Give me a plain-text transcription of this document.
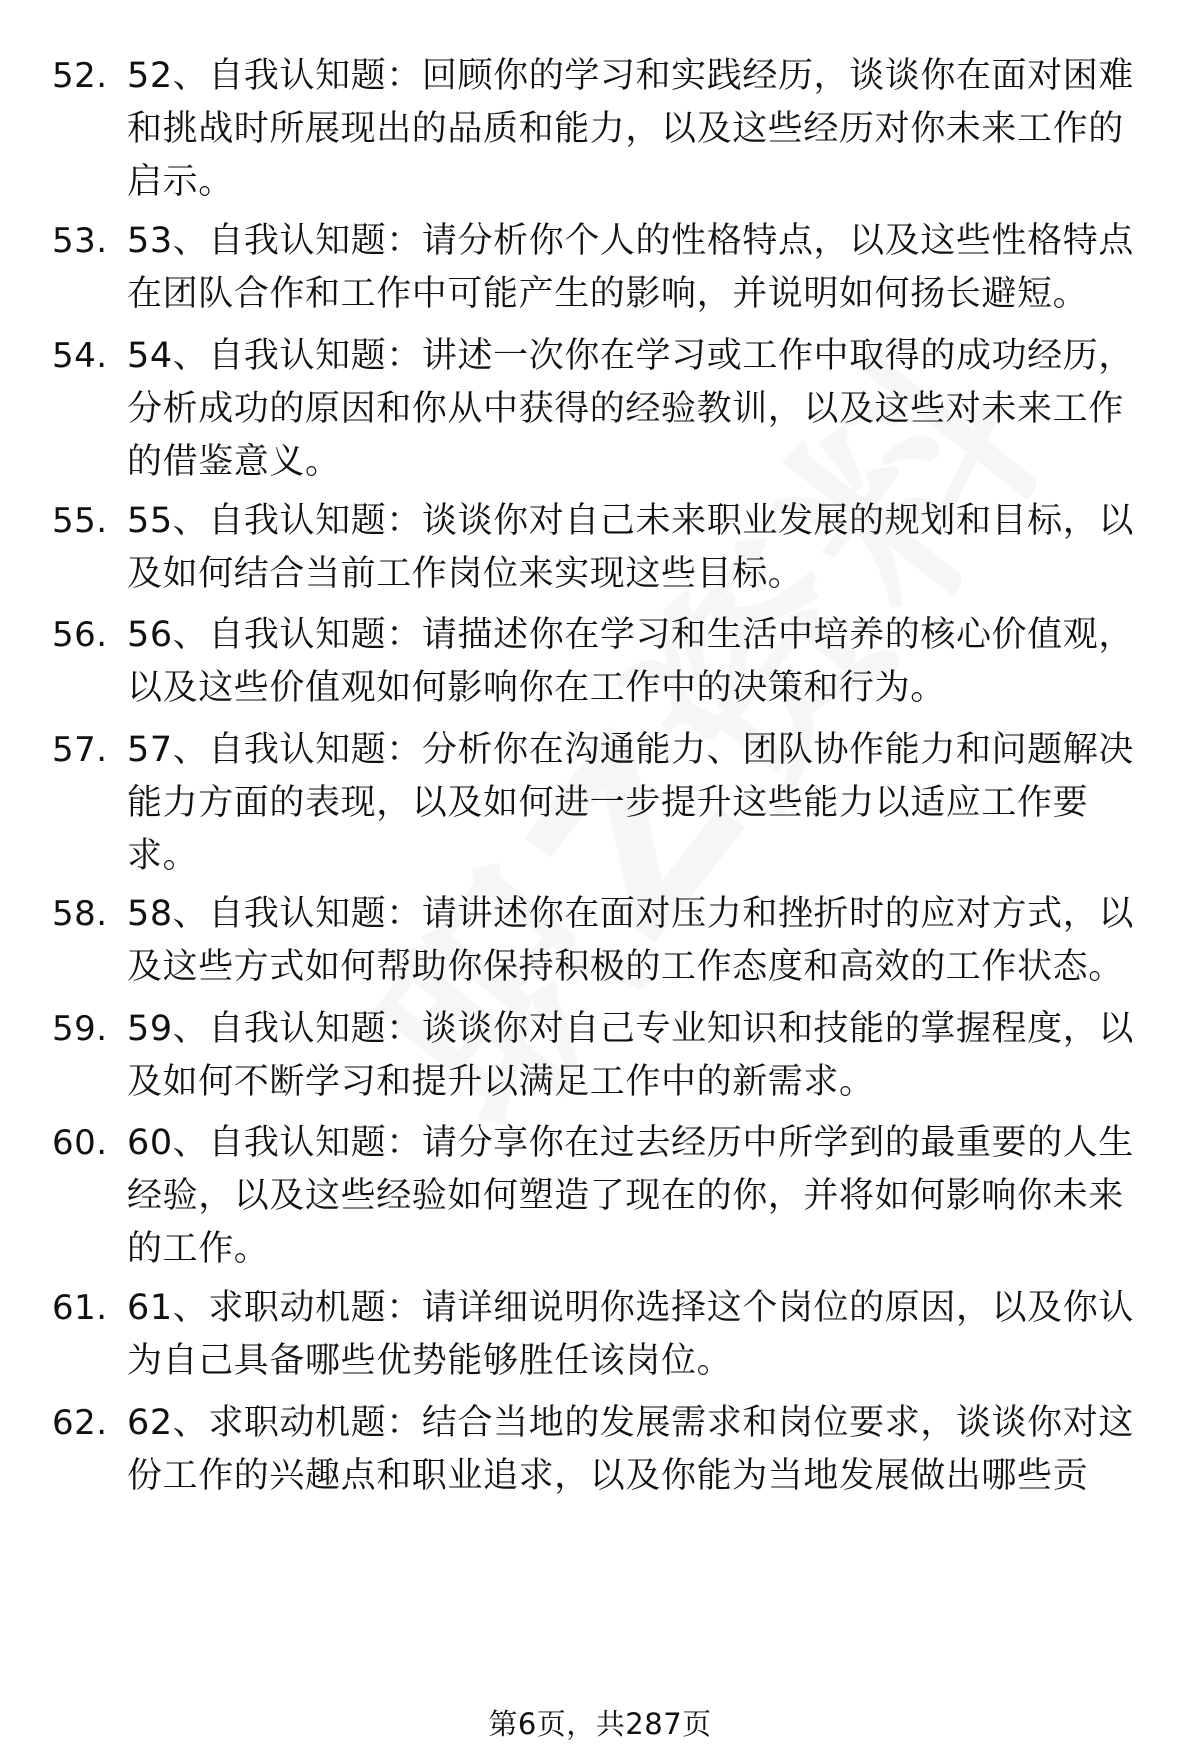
52. 52、自我认知题：回顾你的学习和实践经历，谈谈你在面对困难和挑战时所展现出的品质和能力，以及这些经历对你未来工作的启示。
53. 53、自我认知题：请分析你个人的性格特点，以及这些性格特点在团队合作和工作中可能产生的影响，并说明如何扬长避短。
54. 54、自我认知题：讲述一次你在学习或工作中取得的成功经历，分析成功的原因和你从中获得的经验教训，以及这些对未来工作的借鉴意义。
55. 55、自我认知题：谈谈你对自己未来职业发展的规划和目标，以及如何结合当前工作岗位来实现这些目标。
56. 56、自我认知题：请描述你在学习和生活中培养的核心价值观，以及这些价值观如何影响你在工作中的决策和行为。
57. 57、自我认知题：分析你在沟通能力、团队协作能力和问题解决能力方面的表现，以及如何进一步提升这些能力以适应工作要求。
58. 58、自我认知题：请讲述你在面对压力和挫折时的应对方式，以及这些方式如何帮助你保持积极的工作态度和高效的工作状态。
59. 59、自我认知题：谈谈你对自己专业知识和技能的掌握程度，以及如何不断学习和提升以满足工作中的新需求。
60. 60、自我认知题：请分享你在过去经历中所学到的最重要的人生经验，以及这些经验如何塑造了现在的你，并将如何影响你未来的工作。
61. 61、求职动机题：请详细说明你选择这个岗位的原因，以及你认为自己具备哪些优势能够胜任该岗位。
62. 62、求职动机题：结合当地的发展需求和岗位要求，谈谈你对这份工作的兴趣点和职业追求，以及你能为当地发展做出哪些贡
第6页，共287页
